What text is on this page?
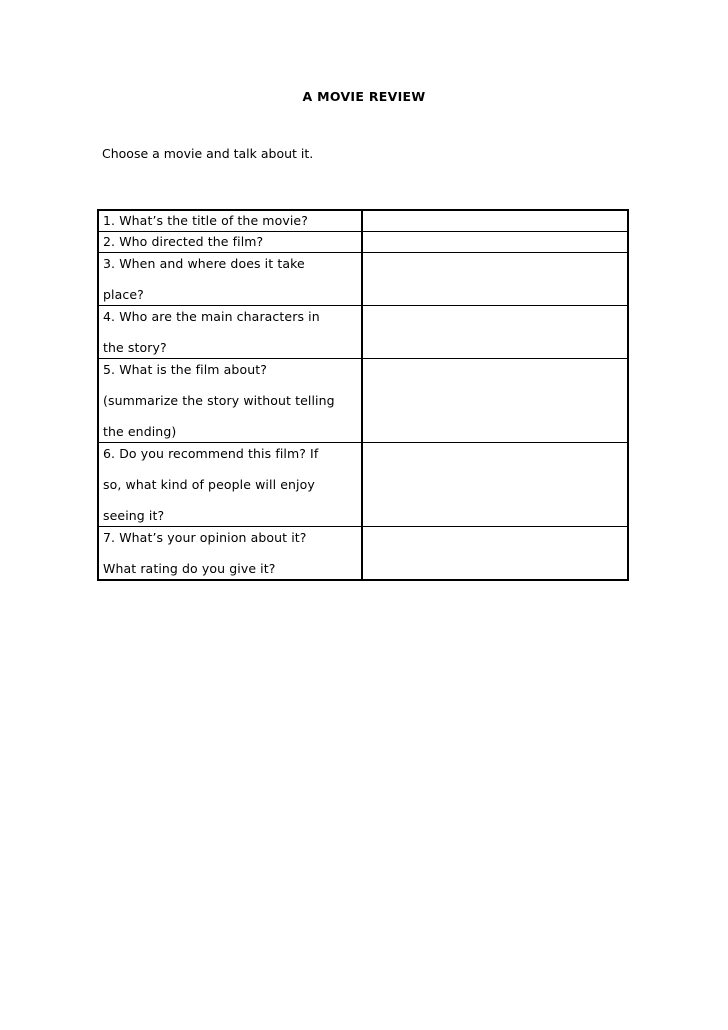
A MOVIE REVIEW
Choose a movie and talk about it.
1. What’s the title of the movie?	

2. Who directed the film?	

3. When and where does it take
place?	

4. Who are the main characters in
the story?	

5. What is the film about?
(summarize the story without telling
the ending)	

6. Do you recommend this film? If
so, what kind of people will enjoy
seeing it?	

7. What’s your opinion about it?
What rating do you give it?	
